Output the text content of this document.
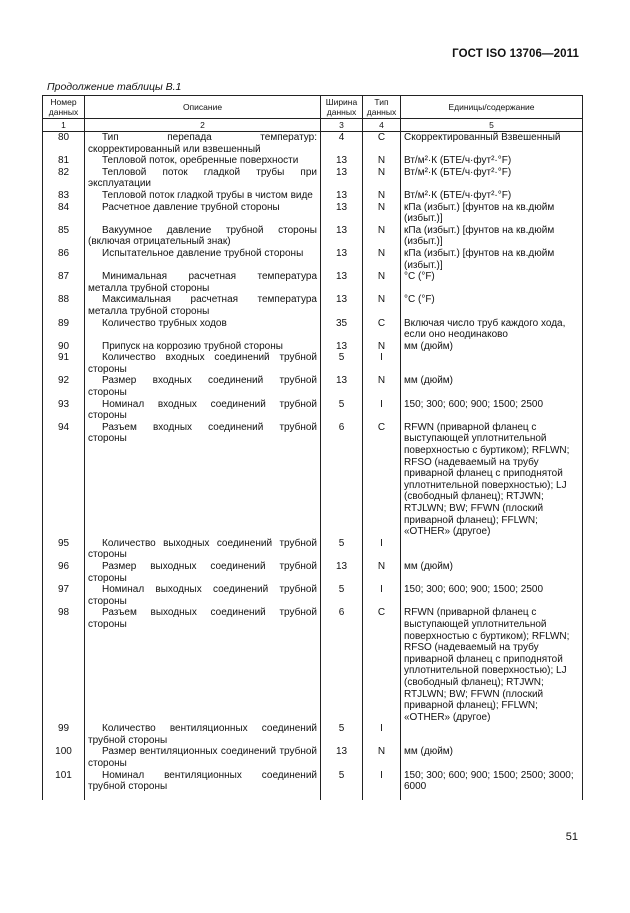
ГОСТ ISO 13706—2011
Продолжение таблицы В.1
Номер данных	Описание	Ширина данных	Тип данных	Единицы/содержание
1	2	3	4	5
80	Тип перепада температур: скорректированный или взвешенный	4	C	Скорректированный Взвешенный
81	Тепловой поток, оребренные поверхности	13	N	Вт/м²·К (БТЕ/ч·фут²·°F)
82	Тепловой поток гладкой трубы при эксплуатации	13	N	Вт/м²·К (БТЕ/ч·фут²·°F)
83	Тепловой поток гладкой трубы в чистом виде	13	N	Вт/м²·К (БТЕ/ч·фут²·°F)
84	Расчетное давление трубной стороны	13	N	кПа (избыт.) [фунтов на кв.дюйм (избыт.)]
85	Вакуумное давление трубной стороны (включая отрицательный знак)	13	N	кПа (избыт.) [фунтов на кв.дюйм (избыт.)]
86	Испытательное давление трубной стороны	13	N	кПа (избыт.) [фунтов на кв.дюйм (избыт.)]
87	Минимальная расчетная температура металла трубной стороны	13	N	°C (°F)
88	Максимальная расчетная температура металла трубной стороны	13	N	°C (°F)
89	Количество трубных ходов	35	C	Включая число труб каждого хода, если оно неодинаково
90	Припуск на коррозию трубной стороны	13	N	мм (дюйм)
91	Количество входных соединений трубной стороны	5	I	
92	Размер входных соединений трубной стороны	13	N	мм (дюйм)
93	Номинал входных соединений трубной стороны	5	I	150; 300; 600; 900; 1500; 2500
94	Разъем входных соединений трубной стороны	6	C	RFWN (приварной фланец с выступающей уплотнительной поверхностью с буртиком); RFLWN; RFSO (надеваемый на трубу приварной фланец с приподнятой уплотнительной поверхностью); LJ (свободный фланец); RTJWN; RTJLWN; BW; FFWN (плоский приварной фланец); FFLWN; «OTHER» (другое)
95	Количество выходных соединений трубной стороны	5	I	
96	Размер выходных соединений трубной стороны	13	N	мм (дюйм)
97	Номинал выходных соединений трубной стороны	5	I	150; 300; 600; 900; 1500; 2500
98	Разъем выходных соединений трубной стороны	6	C	RFWN (приварной фланец с выступающей уплотнительной поверхностью с буртиком); RFLWN; RFSO (надеваемый на трубу приварной фланец с приподнятой уплотнительной поверхностью); LJ (свободный фланец); RTJWN; RTJLWN; BW; FFWN (плоский приварной фланец); FFLWN; «OTHER» (другое)
99	Количество вентиляционных соединений трубной стороны	5	I	
100	Размер вентиляционных соединений трубной стороны	13	N	мм (дюйм)
101	Номинал вентиляционных соединений трубной стороны	5	I	150; 300; 600; 900; 1500; 2500; 3000; 6000
51
